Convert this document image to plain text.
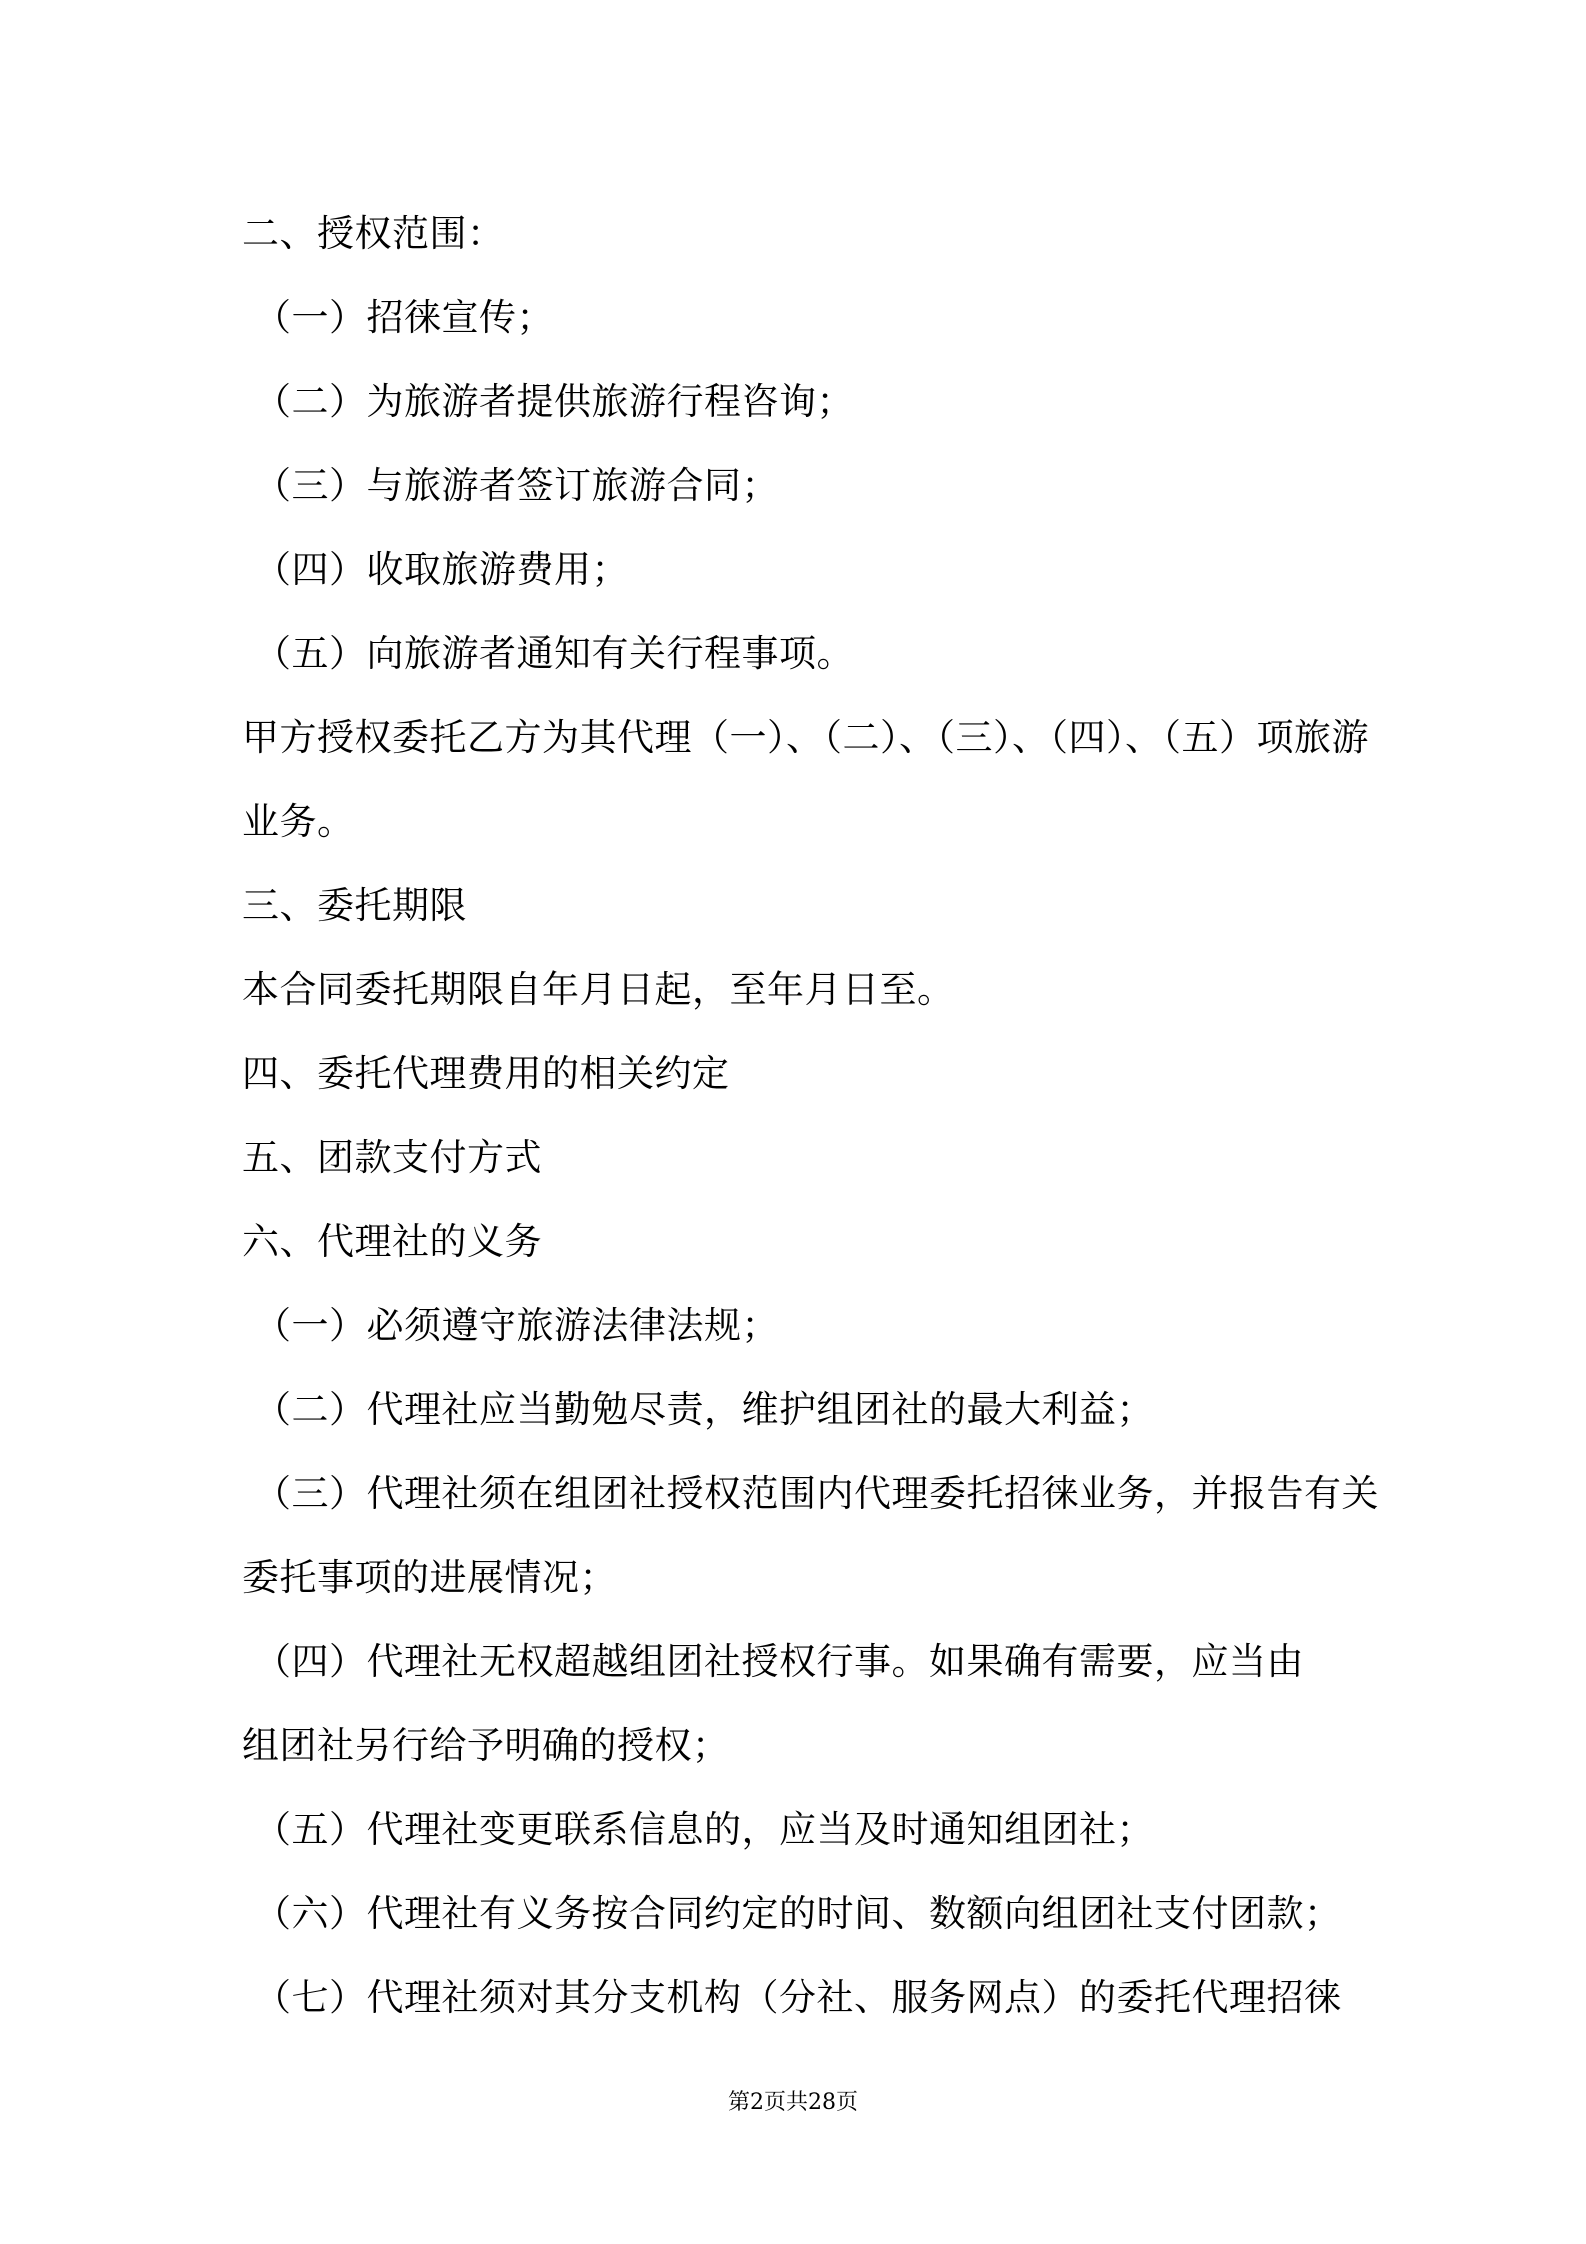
二、授权范围：
（一）招徕宣传；
（二）为旅游者提供旅游行程咨询；
（三）与旅游者签订旅游合同；
（四）收取旅游费用；
（五）向旅游者通知有关行程事项。
甲方授权委托乙方为其代理（一）、（二）、（三）、（四）、（五）项旅游
业务。
三、委托期限
本合同委托期限自年月日起，至年月日至。
四、委托代理费用的相关约定
五、团款支付方式
六、代理社的义务
（一）必须遵守旅游法律法规；
（二）代理社应当勤勉尽责，维护组团社的最大利益；
（三）代理社须在组团社授权范围内代理委托招徕业务，并报告有关
委托事项的进展情况；
（四）代理社无权超越组团社授权行事。如果确有需要，应当由
组团社另行给予明确的授权；
（五）代理社变更联系信息的，应当及时通知组团社；
（六）代理社有义务按合同约定的时间、数额向组团社支付团款；
（七）代理社须对其分支机构（分社、服务网点）的委托代理招徕
第2页共28页
